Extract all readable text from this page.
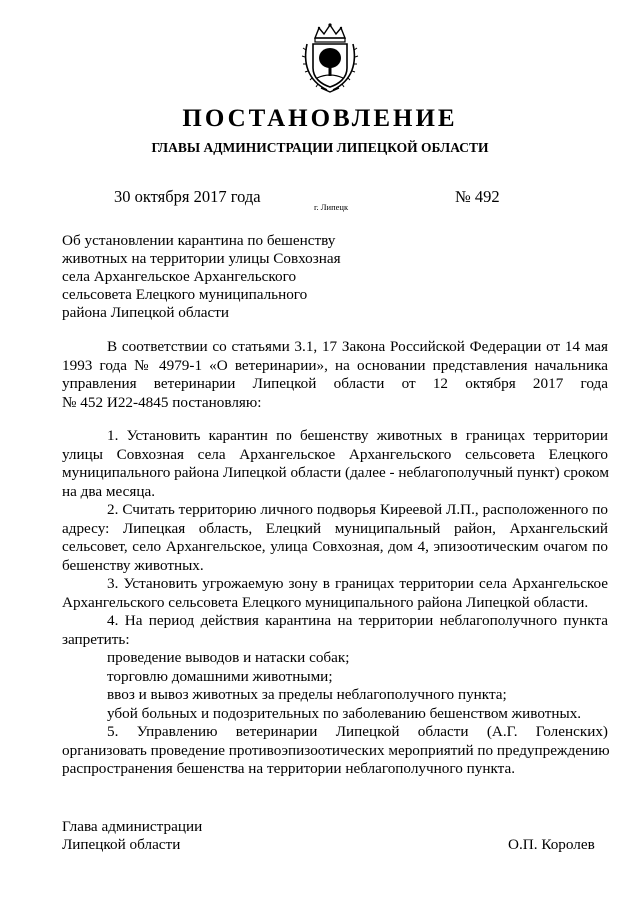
ПОСТАНОВЛЕНИЕ
ГЛАВЫ АДМИНИСТРАЦИИ ЛИПЕЦКОЙ ОБЛАСТИ
30 октября 2017 года
г. Липецк
№ 492
Об установлении карантина по бешенству
животных на территории улицы Совхозная
села Архангельское Архангельского
сельсовета Елецкого муниципального
района Липецкой области
В соответствии со статьями 3.1, 17 Закона Российской Федерации от 14 мая
1993 года № 4979-1 «О ветеринарии», на основании представления начальника
управления ветеринарии Липецкой области от 12 октября 2017 года
№ 452 И22-4845 постановляю:
1. Установить карантин по бешенству животных в границах территории
улицы Совхозная села Архангельское Архангельского сельсовета Елецкого
муниципального района Липецкой области (далее - неблагополучный пункт) сроком
на два месяца.
2. Считать территорию личного подворья Киреевой Л.П., расположенного по
адресу: Липецкая область, Елецкий муниципальный район, Архангельский
сельсовет, село Архангельское, улица Совхозная, дом 4, эпизоотическим очагом по
бешенству животных.
3. Установить угрожаемую зону в границах территории села Архангельское
Архангельского сельсовета Елецкого муниципального района Липецкой области.
4. На период действия карантина на территории неблагополучного пункта
запретить:
проведение выводов и натаски собак;
торговлю домашними животными;
ввоз и вывоз животных за пределы неблагополучного пункта;
убой больных и подозрительных по заболеванию бешенством животных.
5. Управлению ветеринарии Липецкой области (А.Г. Голенских)
организовать проведение противоэпизоотических мероприятий по предупреждению
распространения бешенства на территории неблагополучного пункта.
Глава администрации
Липецкой области	О.П. Королев
